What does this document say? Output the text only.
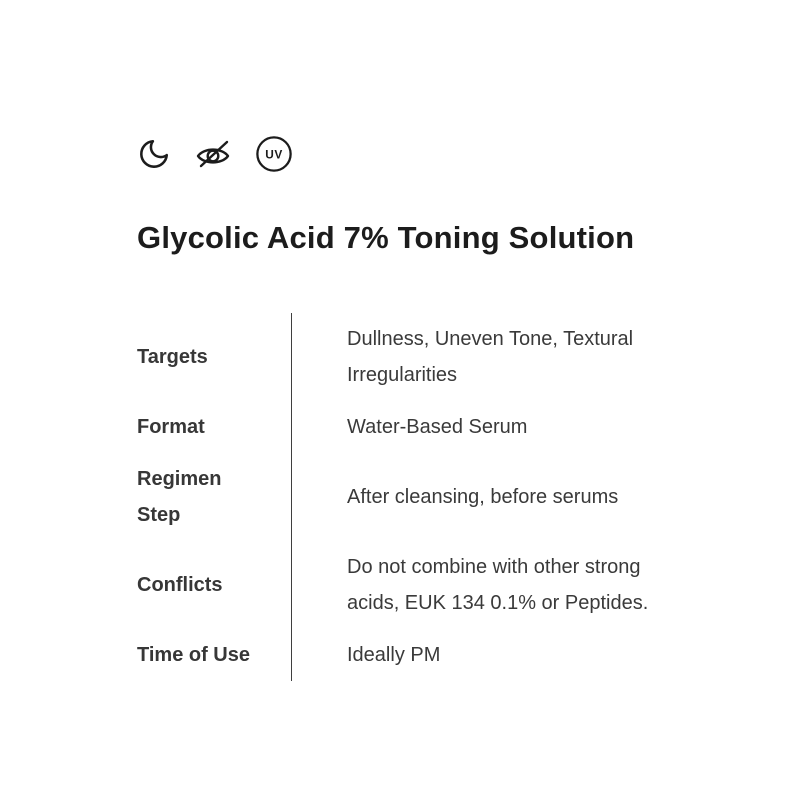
UV
Glycolic Acid 7% Toning Solution
Targets
Dullness, Uneven Tone, Textural Irregularities
Format	Water-Based Serum
Regimen Step
After cleansing, before serums
Conflicts
Do not combine with other strong acids, EUK 134 0.1% or Peptides.
Time of Use	Ideally PM
